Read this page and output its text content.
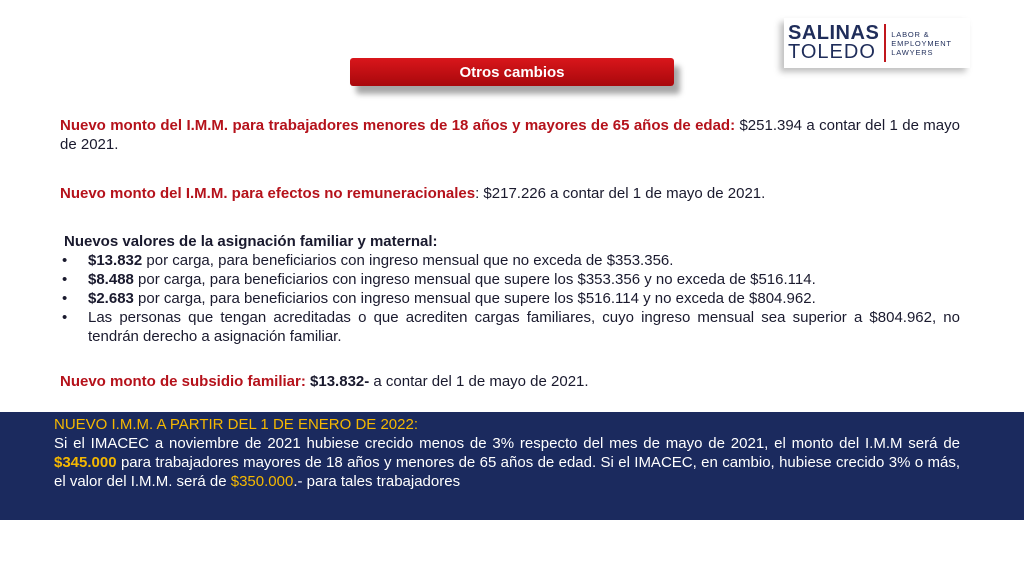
Otros cambios
SALINAS
TOLEDO
LABOR &
EMPLOYMENT
LAWYERS
Nuevo monto del I.M.M. para trabajadores menores de 18 años y mayores de 65 años de edad: $251.394 a contar del 1 de mayo de 2021.
Nuevo monto del I.M.M. para efectos no remuneracionales: $217.226 a contar del 1 de mayo de 2021.
Nuevos valores de la asignación familiar y maternal:
• $13.832 por carga, para beneficiarios con ingreso mensual que no exceda de $353.356.
• $8.488 por carga, para beneficiarios con ingreso mensual que supere los $353.356 y no exceda de $516.114.
• $2.683 por carga, para beneficiarios con ingreso mensual que supere los $516.114 y no exceda de $804.962.
• Las personas que tengan acreditadas o que acrediten cargas familiares, cuyo ingreso mensual sea superior a $804.962, no tendrán derecho a asignación familiar.
Nuevo monto de subsidio familiar: $13.832- a contar del 1 de mayo de 2021.
NUEVO I.M.M. A PARTIR DEL 1 DE ENERO DE 2022:
Si el IMACEC a noviembre de 2021 hubiese crecido menos de 3% respecto del mes de mayo de 2021, el monto del I.M.M será de $345.000 para trabajadores mayores de 18 años y menores de 65 años de edad. Si el IMACEC, en cambio, hubiese crecido 3% o más, el valor del I.M.M. será de $350.000.- para tales trabajadores
